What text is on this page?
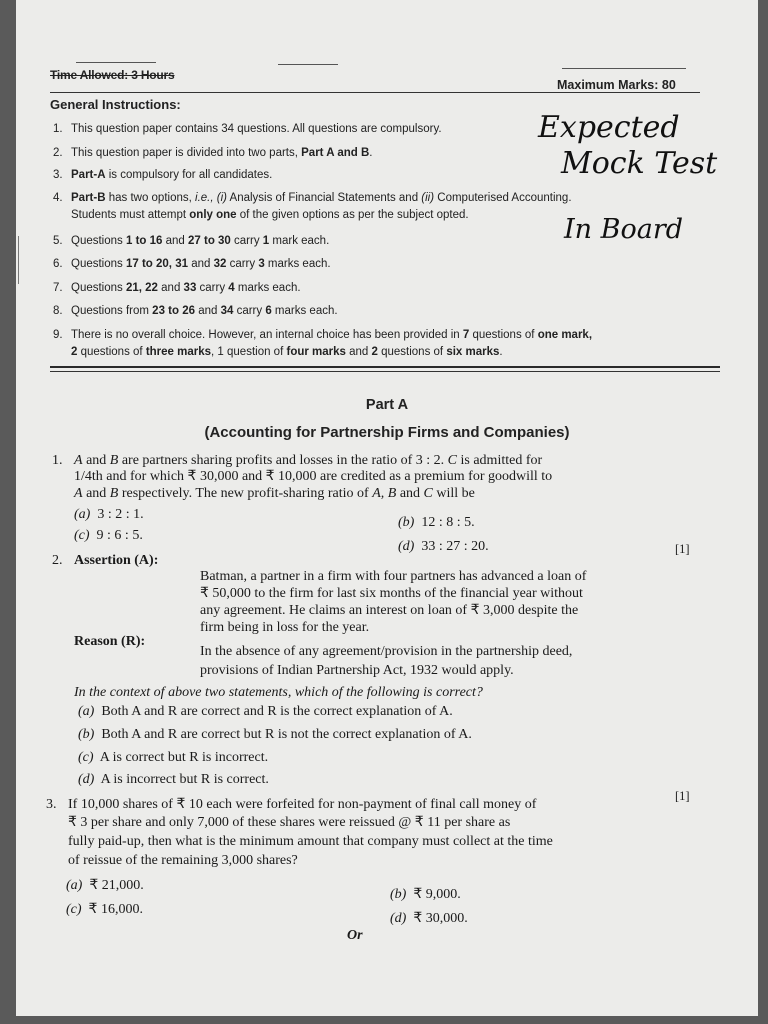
Time Allowed: 3 Hours
Maximum Marks: 80
General Instructions:
1. This question paper contains 34 questions. All questions are compulsory.
2. This question paper is divided into two parts, Part A and B.
3. Part-A is compulsory for all candidates.
4. Part-B has two options, i.e., (i) Analysis of Financial Statements and (ii) Computerised Accounting.
Students must attempt only one of the given options as per the subject opted.
5. Questions 1 to 16 and 27 to 30 carry 1 mark each.
6. Questions 17 to 20, 31 and 32 carry 3 marks each.
7. Questions 21, 22 and 33 carry 4 marks each.
8. Questions from 23 to 26 and 34 carry 6 marks each.
9. There is no overall choice. However, an internal choice has been provided in 7 questions of one mark,
2 questions of three marks, 1 question of four marks and 2 questions of six marks.
Expected
Mock Test
In Board
Part A
(Accounting for Partnership Firms and Companies)
1. A and B are partners sharing profits and losses in the ratio of 3 : 2. C is admitted for
1/4th and for which ₹ 30,000 and ₹ 10,000 are credited as a premium for goodwill to
A and B respectively. The new profit-sharing ratio of A, B and C will be
(a) 3 : 2 : 1.
(b) 12 : 8 : 5.
(c) 9 : 6 : 5.
(d) 33 : 27 : 20.	[1]
2. Assertion (A):
Batman, a partner in a firm with four partners has advanced a loan of
₹ 50,000 to the firm for last six months of the financial year without
any agreement. He claims an interest on loan of ₹ 3,000 despite the
firm being in loss for the year.
Reason (R):
In the absence of any agreement/provision in the partnership deed,
provisions of Indian Partnership Act, 1932 would apply.
In the context of above two statements, which of the following is correct?
(a) Both A and R are correct and R is the correct explanation of A.
(b) Both A and R are correct but R is not the correct explanation of A.
(c) A is correct but R is incorrect.
(d) A is incorrect but R is correct.
[1]
3. If 10,000 shares of ₹ 10 each were forfeited for non-payment of final call money of
₹ 3 per share and only 7,000 of these shares were reissued @ ₹ 11 per share as
fully paid-up, then what is the minimum amount that company must collect at the time
of reissue of the remaining 3,000 shares?
(a) ₹ 21,000.
(b) ₹ 9,000.
(c) ₹ 16,000.
(d) ₹ 30,000.
Or
